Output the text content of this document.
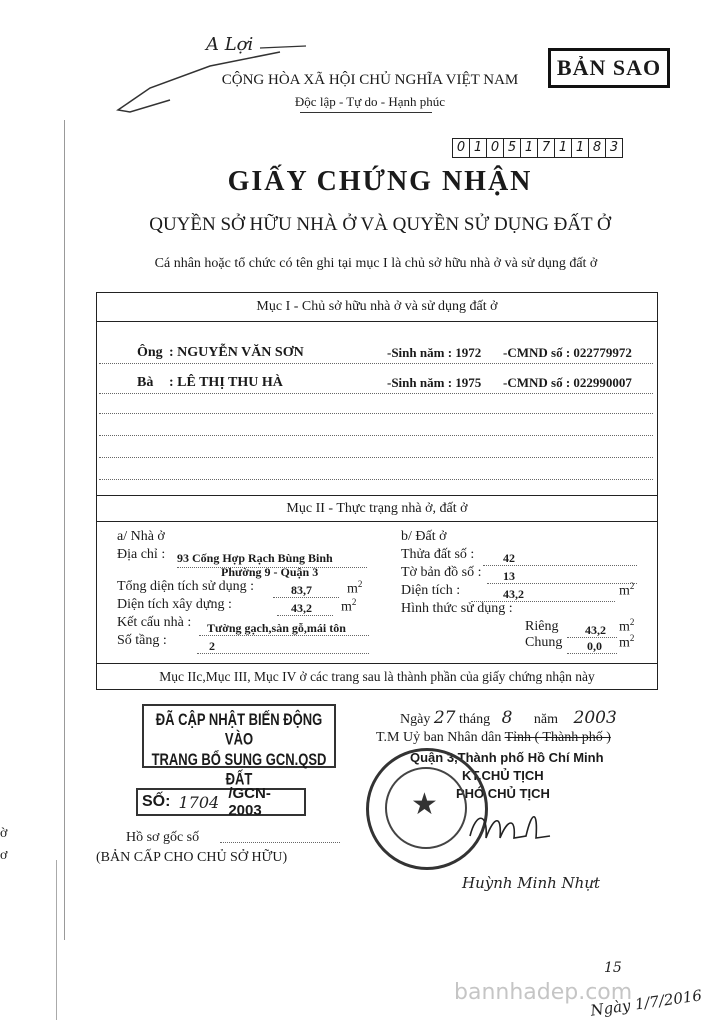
ờ
ơ
A Lợi
BẢN SAO
CỘNG HÒA XÃ HỘI CHỦ NGHĨA VIỆT NAM
Độc lập - Tự do - Hạnh phúc
0 1 0 5 1 7 1 1 8 3
GIẤY CHỨNG NHẬN
QUYỀN SỞ HỮU NHÀ Ở VÀ QUYỀN SỬ DỤNG ĐẤT Ở
Cá nhân hoặc tổ chức có tên ghi tại mục I là chủ sở hữu nhà ở và sử dụng đất ở
Mục I - Chủ sở hữu nhà ở và sử dụng đất ở
Ông : NGUYỄN VĂN SƠN	-Sinh năm : 1972 -CMND số : 022779972
Bà : LÊ THỊ THU HÀ	-Sinh năm : 1975 -CMND số : 022990007
Mục II - Thực trạng nhà ở, đất ở
a/ Nhà ở
Địa chỉ : 93 Cống Hợp Rạch Bùng Binh
Phường 9 - Quận 3
Tổng diện tích sử dụng :	83,7	$m^2$
Diện tích xây dựng :	43,2 $m^2$
Kết cấu nhà : Tường gạch,sàn gỗ,mái tôn
Số tầng :	2
b/ Đất ở
Thửa đất số : 42
Tờ bản đồ số : 13
Diện tích :	43,2	$m^2$
Hình thức sử dụng :
Riêng 43,2 $m^2$
Chung 0,0 $m^2$
Mục IIc,Mục III, Mục IV ở các trang sau là thành phần của giấy chứng nhận này
ĐÃ CẬP NHẬT BIẾN ĐỘNG VÀO
TRANG BỔ SUNG GCN.QSD ĐẤT
SỐ: 1704 /GCN-2003
Hồ sơ gốc số
(BẢN CẤP CHO CHỦ SỞ HỮU)
Ngày 27 tháng 8 năm 2003
T.M Uỷ ban Nhân dân Tỉnh ( Thành phố )
Quận 3,Thành phố Hồ Chí Minh
KT.CHỦ TỊCH
PHÓ CHỦ TỊCH
★
Huỳnh Minh Nhựt
bannhadep.com
15
Ngày 1/7/2016
